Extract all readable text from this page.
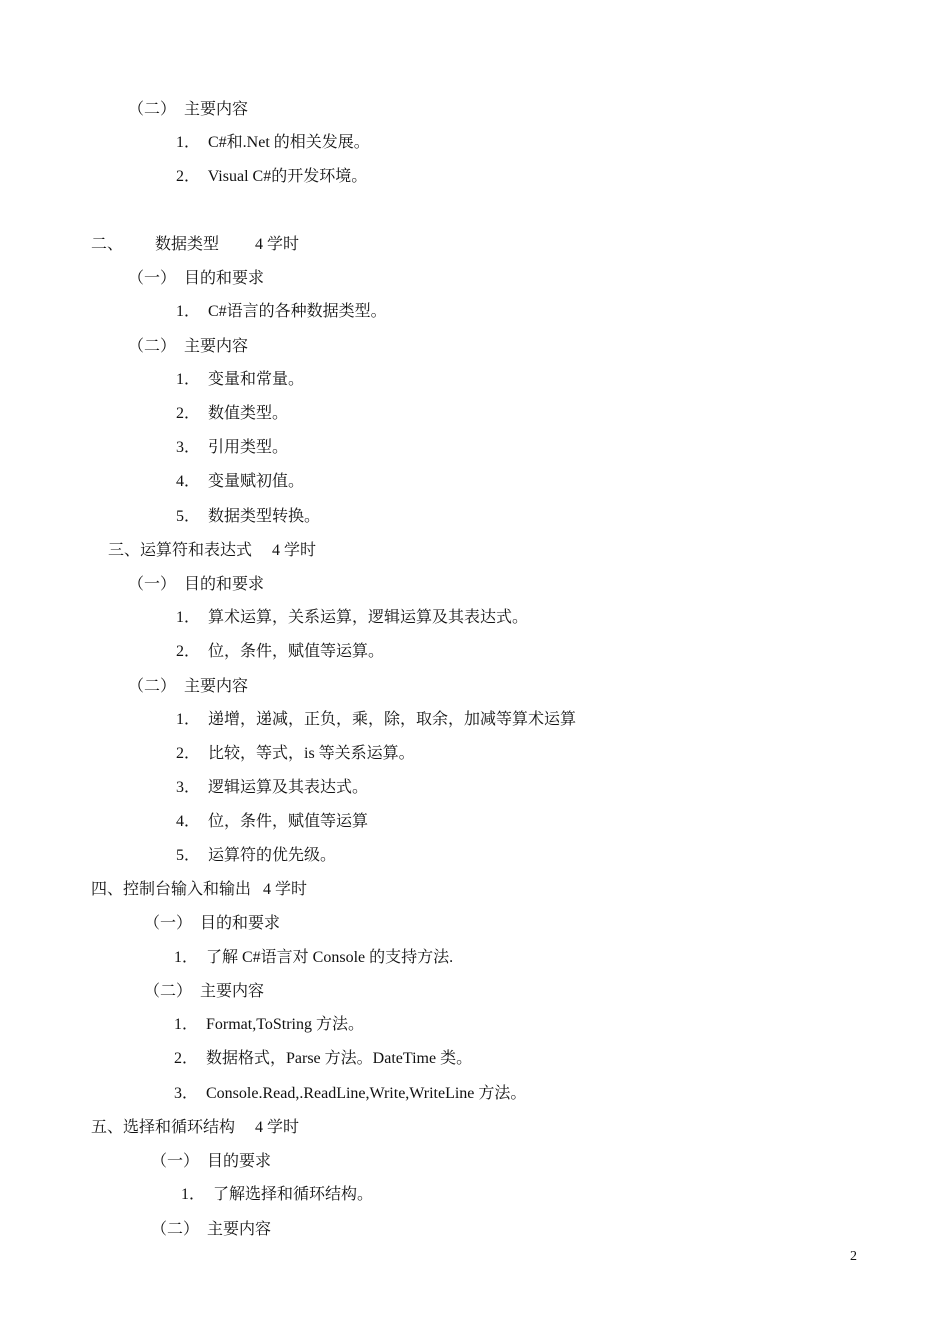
（二）  主要内容
1．  C#和.Net 的相关发展。
2．  Visual C#的开发环境。
二、        数据类型         4 学时
（一）  目的和要求
1．  C#语言的各种数据类型。
（二）  主要内容
1．  变量和常量。
2．  数值类型。
3．  引用类型。
4．  变量赋初值。
5．  数据类型转换。
三、运算符和表达式     4 学时
（一）  目的和要求
1．  算术运算，关系运算，逻辑运算及其表达式。
2．  位，条件，赋值等运算。
（二）  主要内容
1．  递增，递减，正负，乘，除，取余，加减等算术运算
2．  比较，等式，is 等关系运算。
3．  逻辑运算及其表达式。
4．  位，条件，赋值等运算
5．  运算符的优先级。
四、控制台输入和输出   4 学时
（一）  目的和要求
1．  了解 C#语言对 Console 的支持方法.
（二）  主要内容
1．  Format,ToString 方法。
2．  数据格式，Parse 方法。DateTime 类。
3．  Console.Read,.ReadLine,Write,WriteLine 方法。
五、选择和循环结构     4 学时
（一）  目的要求
1．  了解选择和循环结构。
（二）  主要内容
2
